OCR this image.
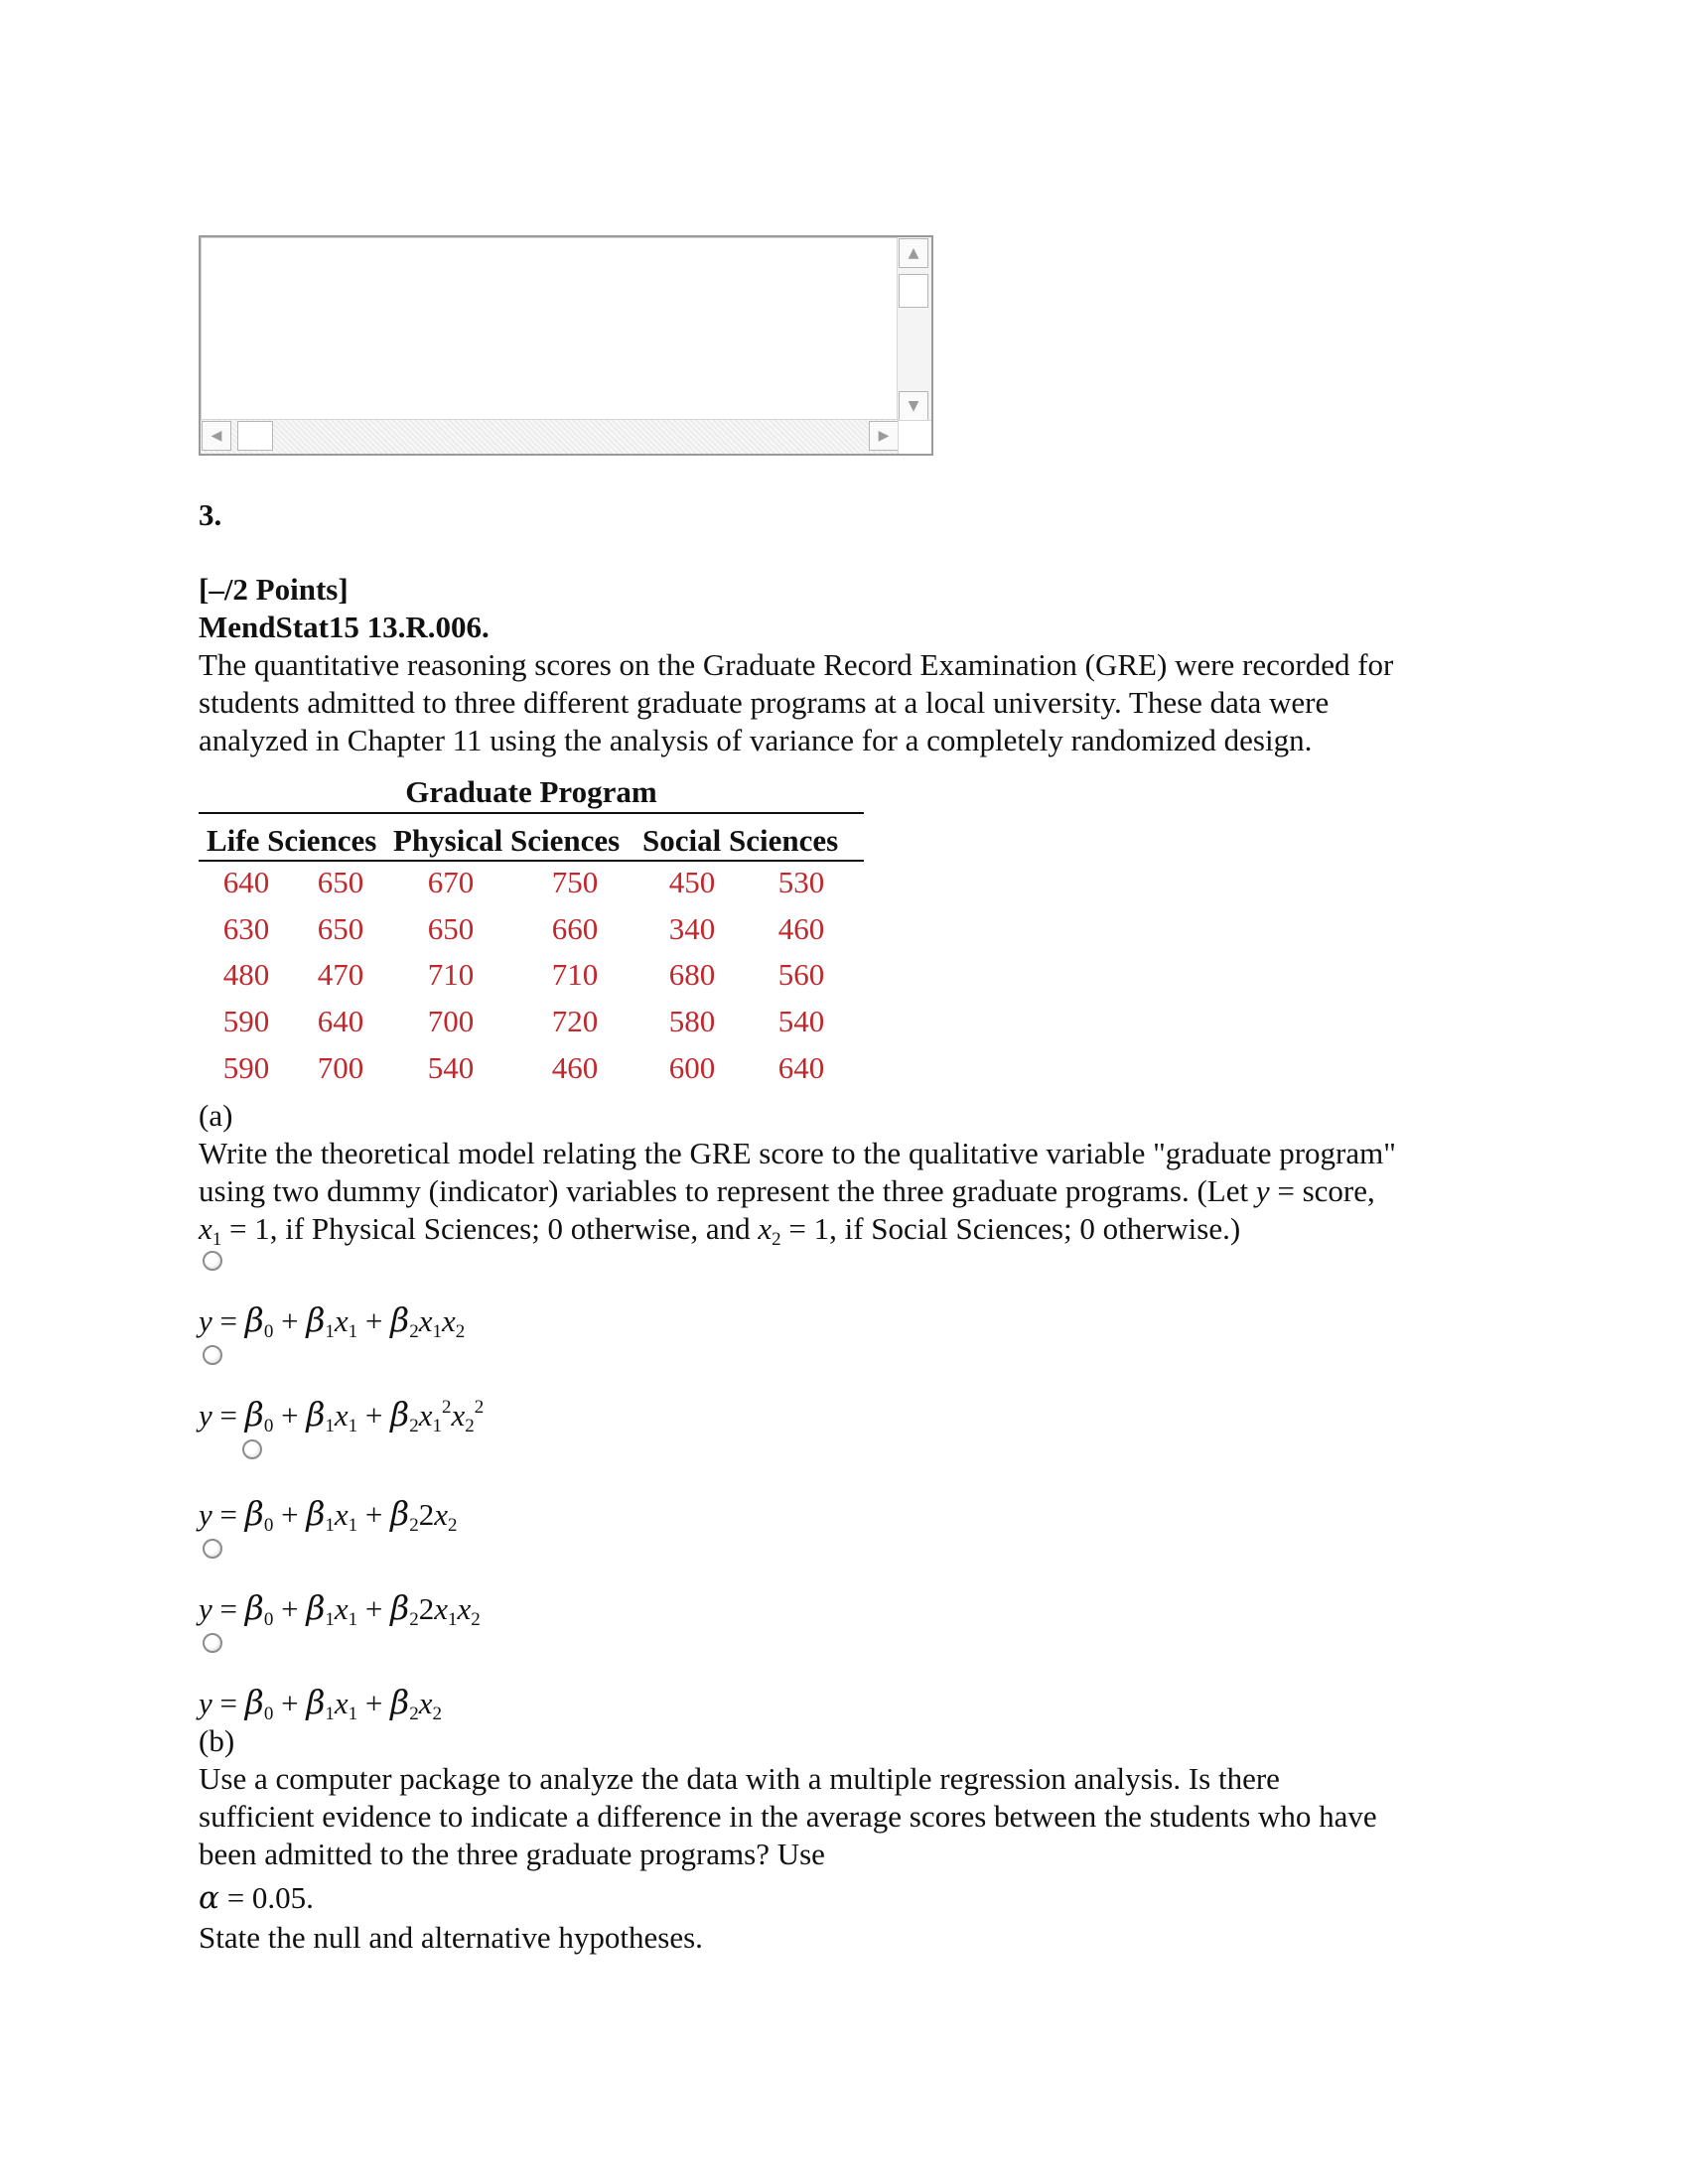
▲
▼
◀	▶
3.
[–/2 Points]
MendStat15 13.R.006.
The quantitative reasoning scores on the Graduate Record Examination (GRE) were recorded for
students admitted to three different graduate programs at a local university. These data were
analyzed in Chapter 11 using the analysis of variance for a completely randomized design.
Graduate Program
Life Sciences Physical Sciences Social Sciences
640	650	670	750	450	530
630	650	650	660	340	460
480	470	710	710	680	560
590	640	700	720	580	540
590	700	540	460	600	640
(a)
Write the theoretical model relating the GRE score to the qualitative variable "graduate program"
using two dummy (indicator) variables to represent the three graduate programs. (Let y = score,
x1 = 1, if Physical Sciences; 0 otherwise, and x2 = 1, if Social Sciences; 0 otherwise.)
y = β0 + β1x1 + β2x1x2
$y = \beta 0 + \beta 1x1 + \beta 2x1^2x2^2$
y = β0 + β1x1 + β22x2
y = β0 + β1x1 + β22x1x2
y = β0 + β1x1 + β2x2
(b)
Use a computer package to analyze the data with a multiple regression analysis. Is there
sufficient evidence to indicate a difference in the average scores between the students who have
been admitted to the three graduate programs? Use
α = 0.05.
State the null and alternative hypotheses.
